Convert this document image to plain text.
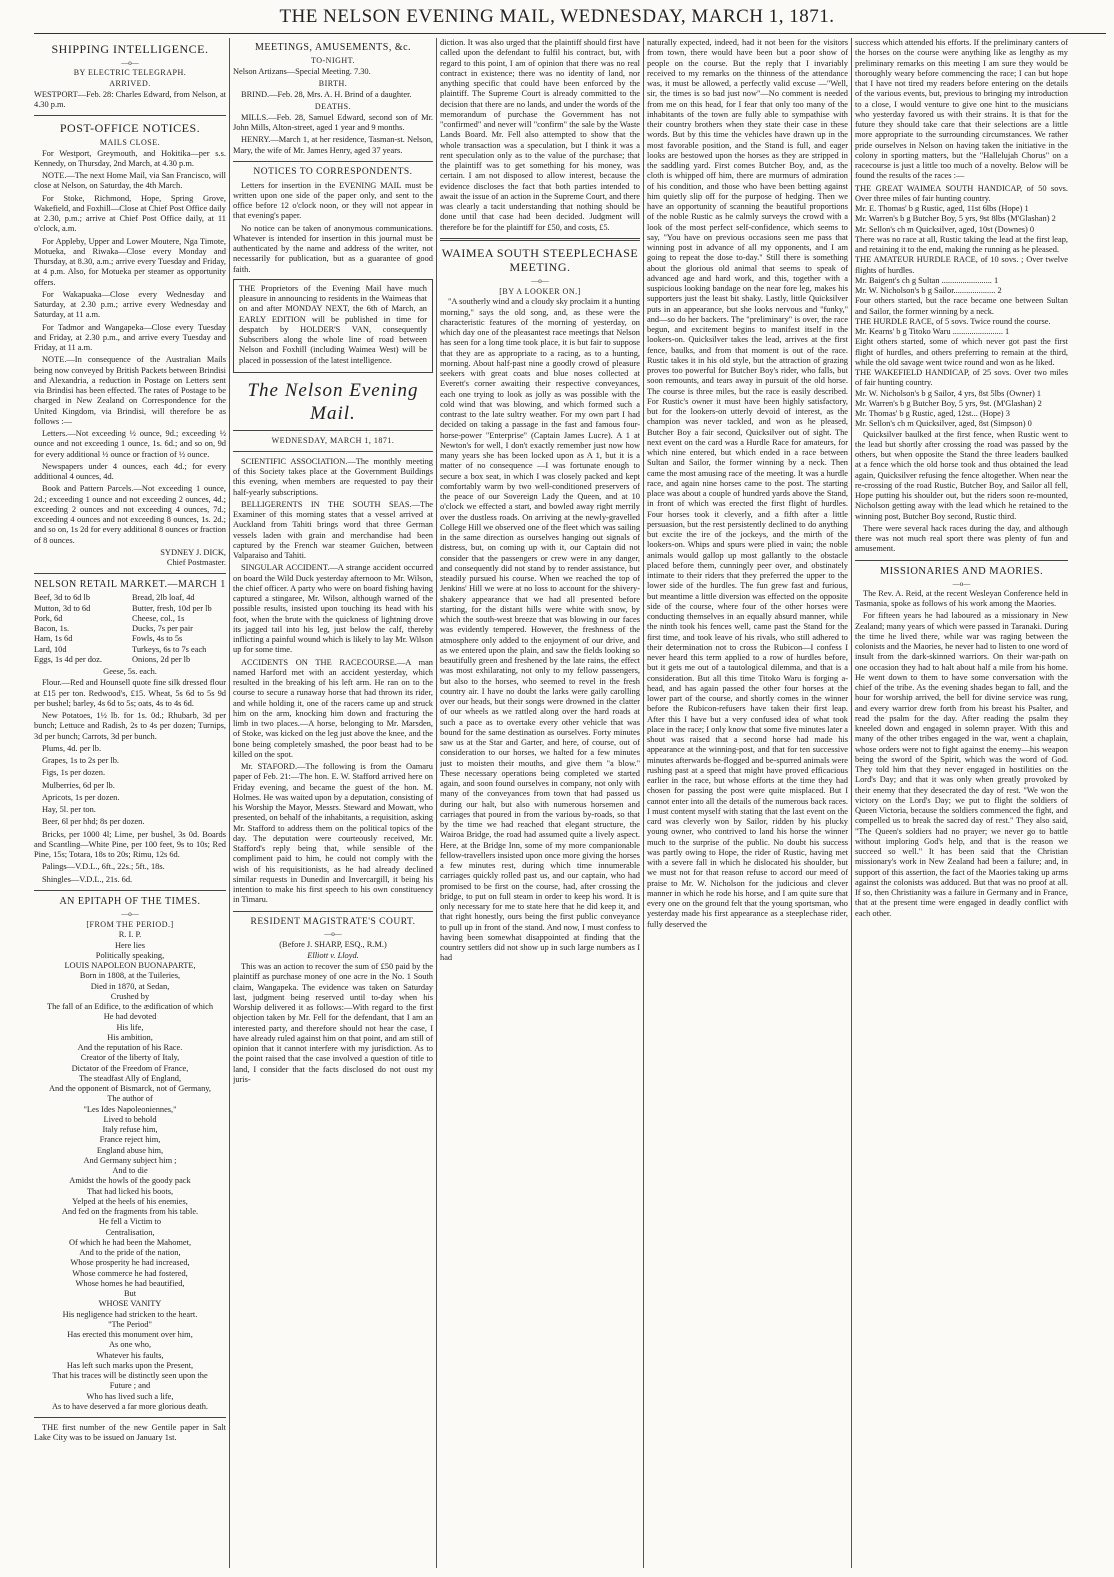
THE NELSON EVENING MAIL, WEDNESDAY, MARCH 1, 1871.
SHIPPING INTELLIGENCE.
—o—
BY ELECTRIC TELEGRAPH.
ARRIVED.

WESTPORT—Feb. 28: Charles Edward, from Nelson, at 4.30 p.m.

POST-OFFICE NOTICES.
MAILS CLOSE.

For Westport, Greymouth, and Hokitika—per s.s. Kennedy, on Thursday, 2nd March, at 4.30 p.m.

NOTE.—The next Home Mail, via San Francisco, will close at Nelson, on Saturday, the 4th March.

For Stoke, Richmond, Hope, Spring Grove, Wakefield, and Foxhill—Close at Chief Post Office daily at 2.30, p.m.; arrive at Chief Post Office daily, at 11 o'clock, a.m.

For Appleby, Upper and Lower Moutere, Nga Timote, Motueka, and Riwaka—Close every Monday and Thursday, at 8.30, a.m.; arrive every Tuesday and Friday, at 4 p.m. Also, for Motueka per steamer as opportunity offers.

For Wakapuaka—Close every Wednesday and Saturday, at 2.30 p.m.; arrive every Wednesday and Saturday, at 11 a.m.

For Tadmor and Wangapeka—Close every Tuesday and Friday, at 2.30 p.m., and arrive every Tuesday and Friday, at 11 a.m.

NOTE.—In consequence of the Australian Mails being now conveyed by British Packets between Brindisi and Alexandria, a reduction in Postage on Letters sent via Brindisi has been effected. The rates of Postage to be charged in New Zealand on Correspondence for the United Kingdom, via Brindisi, will therefore be as follows :—

Letters.—Not exceeding ½ ounce, 9d.; exceeding ½ ounce and not exceeding 1 ounce, 1s. 6d.; and so on, 9d for every additional ½ ounce or fraction of ½ ounce.

Newspapers under 4 ounces, each 4d.; for every additional 4 ounces, 4d.

Book and Pattern Parcels.—Not exceeding 1 ounce, 2d.; exceeding 1 ounce and not exceeding 2 ounces, 4d.; exceeding 2 ounces and not exceeding 4 ounces, 7d.; exceeding 4 ounces and not exceeding 8 ounces, 1s. 2d.; and so on, 1s 2d for every additional 8 ounces or fraction of 8 ounces.

SYDNEY J. DICK,

Chief Postmaster.

NELSON RETAIL MARKET.—MARCH 1
Beef, 3d to 6d lb
Mutton, 3d to 6d
Pork, 6d
Bacon, 1s.
Ham, 1s 6d
Lard, 10d
Eggs, 1s 4d per doz.
Bread, 2lb loaf, 4d
Butter, fresh, 10d per lb
Cheese, col., 1s
Ducks, 7s per pair
Fowls, 4s to 5s
Turkeys, 6s to 7s each
Onions, 2d per lb
Geese, 5s. each.

Flour.—Red and Hounsell quote fine silk dressed flour at £15 per ton. Redwood's, £15. Wheat, 5s 6d to 5s 9d per bushel; barley, 4s 6d to 5s; oats, 4s to 4s 6d.

New Potatoes, 1½ lb. for 1s. 0d.; Rhubarb, 3d per bunch; Lettuce and Radish, 2s to 4s per dozen; Turnips, 3d per bunch; Carrots, 3d per bunch.

Plums, 4d. per lb.

Grapes, 1s to 2s per lb.

Figs, 1s per dozen.

Mulberries, 6d per lb.

Apricots, 1s per dozen.

Hay, 5l. per ton.

Beer, 6l per hhd; 8s per dozen.

Bricks, per 1000 4l; Lime, per bushel, 3s 0d. Boards and Scantling—White Pine, per 100 feet, 9s to 10s; Red Pine, 15s; Totara, 18s to 20s; Rimu, 12s 6d.

Palings—V.D.L., 6ft., 22s.; 5ft., 18s.

Shingles—V.D.L., 21s. 6d.

AN EPITAPH OF THE TIMES.
—o—
[FROM THE PERIOD.]
R. I. P.
Here lies
Politically speaking,
LOUIS NAPOLEON BUONAPARTE,
Born in 1808, at the Tuileries,
Died in 1870, at Sedan,
Crushed by
The fall of an Edifice, to the ædification of which
He had devoted
His life,
His ambition,
And the reputation of his Race.
Creator of the liberty of Italy,
Dictator of the Freedom of France,
The steadfast Ally of England,
And the opponent of Bismarck, not of Germany,
The author of
"Les Ides Napoleoniennes,"
Lived to behold
Italy refuse him,
France reject him,
England abuse him,
And Germany subject him ;
And to die
Amidst the howls of the goody pack
That had licked his boots,
Yelped at the heels of his enemies,
And fed on the fragments from his table.
He fell a Victim to
Centralisation,
Of which he had been the Mahomet,
And to the pride of the nation,
Whose prosperity he had increased,
Whose commerce he had fostered,
Whose homes he had beautified,
But
WHOSE VANITY
His negligence had stricken to the heart.
"The Period"
Has erected this monument over him,
As one who,
Whatever his faults,
Has left such marks upon the Present,
That his traces will be distinctly seen upon the
Future ; and
Who has lived such a life,
As to have deserved a far more glorious death.

THE first number of the new Gentile paper in Salt Lake City was to be issued on January 1st.

MEETINGS, AMUSEMENTS, &c.
TO-NIGHT.

Nelson Artizans—Special Meeting. 7.30.

BIRTH.

BRIND.—Feb. 28, Mrs. A. H. Brind of a daughter.

DEATHS.

MILLS.—Feb. 28, Samuel Edward, second son of Mr. John Mills, Alton-street, aged 1 year and 9 months.

HENRY.—March 1, at her residence, Tasman-st. Nelson, Mary, the wife of Mr. James Henry, aged 37 years.

NOTICES TO CORRESPONDENTS.

Letters for insertion in the EVENING MAIL must be written upon one side of the paper only, and sent to the office before 12 o'clock noon, or they will not appear in that evening's paper.

No notice can be taken of anonymous communications. Whatever is intended for insertion in this journal must be authenticated by the name and address of the writer, not necessarily for publication, but as a guarantee of good faith.

THE Proprietors of the Evening Mail have much pleasure in announcing to residents in the Waimeas that on and after MONDAY NEXT, the 6th of March, an EARLY EDITION will be published in time for despatch by HOLDER'S VAN, consequently Subscribers along the whole line of road between Nelson and Foxhill (including Waimea West) will be placed in possession of the latest intelligence.

The Nelson Evening Mail.
WEDNESDAY, MARCH 1, 1871.

SCIENTIFIC ASSOCIATION.—The monthly meeting of this Society takes place at the Government Buildings this evening, when members are requested to pay their half-yearly subscriptions.

BELLIGERENTS IN THE SOUTH SEAS.—The Examiner of this morning states that a vessel arrived at Auckland from Tahiti brings word that three German vessels laden with grain and merchandise had been captured by the French war steamer Guichen, between Valparaiso and Tahiti.

SINGULAR ACCIDENT.—A strange accident occurred on board the Wild Duck yesterday afternoon to Mr. Wilson, the chief officer. A party who were on board fishing having captured a stingaree, Mr. Wilson, although warned of the possible results, insisted upon touching its head with his foot, when the brute with the quickness of lightning drove its jagged tail into his leg, just below the calf, thereby inflicting a painful wound which is likely to lay Mr. Wilson up for some time.

ACCIDENTS ON THE RACECOURSE.—A man named Harford met with an accident yesterday, which resulted in the breaking of his left arm. He ran on to the course to secure a runaway horse that had thrown its rider, and while holding it, one of the racers came up and struck him on the arm, knocking him down and fracturing the limb in two places.—A horse, belonging to Mr. Marsden, of Stoke, was kicked on the leg just above the knee, and the bone being completely smashed, the poor beast had to be killed on the spot.

Mr. STAFORD.—The following is from the Oamaru paper of Feb. 21:—The hon. E. W. Stafford arrived here on Friday evening, and became the guest of the hon. M. Holmes. He was waited upon by a deputation, consisting of his Worship the Mayor, Messrs. Steward and Mowatt, who presented, on behalf of the inhabitants, a requisition, asking Mr. Stafford to address them on the political topics of the day. The deputation were courteously received, Mr. Stafford's reply being that, while sensible of the compliment paid to him, he could not comply with the wish of his requisitionists, as he had already declined similar requests in Dunedin and Invercargill, it being his intention to make his first speech to his own constituency in Timaru.

RESIDENT MAGISTRATE'S COURT.
—o—
(Before J. SHARP, ESQ., R.M.)
Elliott v. Lloyd.

This was an action to recover the sum of £50 paid by the plaintiff as purchase money of one acre in the No. 1 South claim, Wangapeka. The evidence was taken on Saturday last, judgment being reserved until to-day when his Worship delivered it as follows:—With regard to the first objection taken by Mr. Fell for the defendant, that I am an interested party, and therefore should not hear the case, I have already ruled against him on that point, and am still of opinion that it cannot interfere with my jurisdiction. As to the point raised that the case involved a question of title to land, I consider that the facts disclosed do not oust my juris-

diction. It was also urged that the plaintiff should first have called upon the defendant to fulfil his contract, but, with regard to this point, I am of opinion that there was no real contract in existence; there was no identity of land, nor anything specific that could have been enforced by the plaintiff. The Supreme Court is already committed to the decision that there are no lands, and under the words of the memorandum of purchase the Government has not "confirmed" and never will "confirm" the sale by the Waste Lands Board. Mr. Fell also attempted to show that the whole transaction was a speculation, but I think it was a rent speculation only as to the value of the purchase; that the plaintiff was to get something for his money, was certain. I am not disposed to allow interest, because the evidence discloses the fact that both parties intended to await the issue of an action in the Supreme Court, and there was clearly a tacit understanding that nothing should be done until that case had been decided. Judgment will therefore be for the plaintiff for £50, and costs, £5.

WAIMEA SOUTH STEEPLECHASE MEETING.
—o—
[BY A LOOKER ON.]

"A southerly wind and a cloudy sky proclaim it a hunting morning," says the old song, and, as these were the characteristic features of the morning of yesterday, on which day one of the pleasantest race meetings that Nelson has seen for a long time took place, it is but fair to suppose that they are as appropriate to a racing, as to a hunting, morning. About half-past nine a goodly crowd of pleasure seekers with great coats and blue noses collected at Everett's corner awaiting their respective conveyances, each one trying to look as jolly as was possible with the cold wind that was blowing, and which formed such a contrast to the late sultry weather. For my own part I had decided on taking a passage in the fast and famous four-horse-power "Enterprise" (Captain James Lucre). A 1 at Newton's for well, I don't exactly remember just now how many years she has been locked upon as A 1, but it is a matter of no consequence —I was fortunate enough to secure a box seat, in which I was closely packed and kept comfortably warm by two well-conditioned preservers of the peace of our Sovereign Lady the Queen, and at 10 o'clock we effected a start, and bowled away right merrily over the dustless roads. On arriving at the newly-gravelled College Hill we observed one of the fleet which was sailing in the same direction as ourselves hanging out signals of distress, but, on coming up with it, our Captain did not consider that the passengers or crew were in any danger, and consequently did not stand by to render assistance, but steadily pursued his course. When we reached the top of Jenkins' Hill we were at no loss to account for the shivery-shakery appearance that we had all presented before starting, for the distant hills were white with snow, by which the south-west breeze that was blowing in our faces was evidently tempered. However, the freshness of the atmosphere only added to the enjoyment of our drive, and as we entered upon the plain, and saw the fields looking so beautifully green and freshened by the late rains, the effect was most exhilarating, not only to my fellow passengers, but also to the horses, who seemed to revel in the fresh country air. I have no doubt the larks were gaily carolling over our heads, but their songs were drowned in the clatter of our wheels as we rattled along over the hard roads at such a pace as to overtake every other vehicle that was bound for the same destination as ourselves. Forty minutes saw us at the Star and Garter, and here, of course, out of consideration to our horses, we halted for a few minutes just to moisten their mouths, and give them "a blow." These necessary operations being completed we started again, and soon found ourselves in company, not only with many of the conveyances from town that had passed us during our halt, but also with numerous horsemen and carriages that poured in from the various by-roads, so that by the time we had reached that elegant structure, the Wairoa Bridge, the road had assumed quite a lively aspect. Here, at the Bridge Inn, some of my more companionable fellow-travellers insisted upon once more giving the horses a few minutes rest, during which time innumerable carriages quickly rolled past us, and our captain, who had promised to be first on the course, had, after crossing the bridge, to put on full steam in order to keep his word. It is only necessary for me to state here that he did keep it, and that right honestly, ours being the first public conveyance to pull up in front of the stand. And now, I must confess to having been somewhat disappointed at finding that the country settlers did not show up in such large numbers as I had

naturally expected, indeed, had it not been for the visitors from town, there would have been but a poor show of people on the course. But the reply that I invariably received to my remarks on the thinness of the attendance was, it must be allowed, a perfectly valid excuse —"Well, sir, the times is so bad just now"—No comment is needed from me on this head, for I fear that only too many of the inhabitants of the town are fully able to sympathise with their country brothers when they state their case in these words. But by this time the vehicles have drawn up in the most favorable position, and the Stand is full, and eager looks are bestowed upon the horses as they are stripped in the saddling yard. First comes Butcher Boy, and, as the cloth is whipped off him, there are murmurs of admiration of his condition, and those who have been betting against him quietly slip off for the purpose of hedging. Then we have an opportunity of scanning the beautiful proportions of the noble Rustic as he calmly surveys the crowd with a look of the most perfect self-confidence, which seems to say, "You have on previous occasions seen me pass that winning post in advance of all my opponents, and I am going to repeat the dose to-day." Still there is something about the glorious old animal that seems to speak of advanced age and hard work, and this, together with a suspicious looking bandage on the near fore leg, makes his supporters just the least bit shaky. Lastly, little Quicksilver puts in an appearance, but she looks nervous and "funky," and—so do her backers. The "preliminary" is over, the race begun, and excitement begins to manifest itself in the lookers-on. Quicksilver takes the lead, arrives at the first fence, baulks, and from that moment is out of the race. Rustic takes it in his old style, but the attraction of grazing proves too powerful for Butcher Boy's rider, who falls, but soon remounts, and tears away in pursuit of the old horse. The course is three miles, but the race is easily described. For Rustic's owner it must have been highly satisfactory, but for the lookers-on utterly devoid of interest, as the champion was never tackled, and won as he pleased, Butcher Boy a fair second, Quicksilver out of sight. The next event on the card was a Hurdle Race for amateurs, for which nine entered, but which ended in a race between Sultan and Sailor, the former winning by a neck. Then came the most amusing race of the meeting. It was a hurdle race, and again nine horses came to the post. The starting place was about a couple of hundred yards above the Stand, in front of which was erected the first flight of hurdles. Four horses took it cleverly, and a fifth after a little persuasion, but the rest persistently declined to do anything but excite the ire of the jockeys, and the mirth of the lookers-on. Whips and spurs were plied in vain; the noble animals would gallop up most gallantly to the obstacle placed before them, cunningly peer over, and obstinately intimate to their riders that they preferred the upper to the lower side of the hurdles. The fun grew fast and furious, but meantime a little diversion was effected on the opposite side of the course, where four of the other horses were conducting themselves in an equally absurd manner, while the ninth took his fences well, came past the Stand for the first time, and took leave of his rivals, who still adhered to their determination not to cross the Rubicon—I confess I never heard this term applied to a row of hurdles before, but it gets me out of a tautological dilemma, and that is a consideration. But all this time Titoko Waru is forging a-head, and has again passed the other four horses at the lower part of the course, and shortly comes in the winner before the Rubicon-refusers have taken their first leap. After this I have but a very confused idea of what took place in the race; I only know that some five minutes later a shout was raised that a second horse had made his appearance at the winning-post, and that for ten successive minutes afterwards be-flogged and be-spurred animals were rushing past at a speed that might have proved efficacious earlier in the race, but whose efforts at the time they had chosen for passing the post were quite misplaced. But I cannot enter into all the details of the numerous back races. I must content myself with stating that the last event on the card was cleverly won by Sailor, ridden by his plucky young owner, who contrived to land his horse the winner much to the surprise of the public. No doubt his success was partly owing to Hope, the rider of Rustic, having met with a severe fall in which he dislocated his shoulder, but we must not for that reason refuse to accord our meed of praise to Mr. W. Nicholson for the judicious and clever manner in which he rode his horse, and I am quite sure that every one on the ground felt that the young sportsman, who yesterday made his first appearance as a steeplechase rider, fully deserved the

success which attended his efforts. If the preliminary canters of the horses on the course were anything like as lengthy as my preliminary remarks on this meeting I am sure they would be thoroughly weary before commencing the race; I can but hope that I have not tired my readers before entering on the details of the various events, but, previous to bringing my introduction to a close, I would venture to give one hint to the musicians who yesterday favored us with their strains. It is that for the future they should take care that their selections are a little more appropriate to the surrounding circumstances. We rather pride ourselves in Nelson on having taken the initiative in the colony in sporting matters, but the "Hallelujah Chorus" on a racecourse is just a little too much of a novelty. Below will be found the results of the races :—

THE GREAT WAIMEA SOUTH HANDICAP, of 50 sovs. Over three miles of fair hunting country.

Mr. E. Thomas' b g Rustic, aged, 11st 6lbs (Hope) 1

Mr. Warren's b g Butcher Boy, 5 yrs, 9st 8lbs (M'Glashan) 2

Mr. Sellon's ch m Quicksilver, aged, 10st (Downes) 0

There was no race at all, Rustic taking the lead at the first leap, and retaining it to the end, making the running as he pleased.

THE AMATEUR HURDLE RACE, of 10 sovs. ; Over twelve flights of hurdles.

Mr. Baigent's ch g Sultan ........................ 1

Mr. W. Nicholson's b g Sailor.................... 2

Four others started, but the race became one between Sultan and Sailor, the former winning by a neck.

THE HURDLE RACE, of 5 sovs. Twice round the course.

Mr. Kearns' b g Titoko Waru ........................ 1

Eight others started, some of which never got past the first flight of hurdles, and others preferring to remain at the third, while the old savage went twice round and won as he liked.

THE WAKEFIELD HANDICAP, of 25 sovs. Over two miles of fair hunting country.

Mr. W. Nicholson's b g Sailor, 4 yrs, 8st 5lbs (Owner) 1

Mr. Warren's b g Butcher Boy, 5 yrs, 9st. (M'Glashan) 2

Mr. Thomas' b g Rustic, aged, 12st... (Hope) 3

Mr. Sellon's ch m Quicksilver, aged, 8st (Simpson) 0

Quicksilver baulked at the first fence, when Rustic went to the lead but shortly after crossing the road was passed by the others, but when opposite the Stand the three leaders baulked at a fence which the old horse took and thus obtained the lead again, Quicksilver refusing the fence altogether. When near the re-crossing of the road Rustic, Butcher Boy, and Sailor all fell, Hope putting his shoulder out, but the riders soon re-mounted, Nicholson getting away with the lead which he retained to the winning post, Butcher Boy second, Rustic third.

There were several hack races during the day, and although there was not much real sport there was plenty of fun and amusement.

MISSIONARIES AND MAORIES.
—o—

The Rev. A. Reid, at the recent Wesleyan Conference held in Tasmania, spoke as follows of his work among the Maories.

For fifteen years he had laboured as a missionary in New Zealand; many years of which were passed in Taranaki. During the time he lived there, while war was raging between the colonists and the Maories, he never had to listen to one word of insult from the dark-skinned warriors. On their war-path on one occasion they had to halt about half a mile from his home. He went down to them to have some conversation with the chief of the tribe. As the evening shades began to fall, and the hour for worship arrived, the bell for divine service was rung, and every warrior drew forth from his breast his Psalter, and read the psalm for the day. After reading the psalm they kneeled down and engaged in solemn prayer. With this and many of the other tribes engaged in the war, went a chaplain, whose orders were not to fight against the enemy—his weapon being the sword of the Spirit, which was the word of God. They told him that they never engaged in hostilities on the Lord's Day; and that it was only when greatly provoked by their enemy that they desecrated the day of rest. "We won the victory on the Lord's Day; we put to flight the soldiers of Queen Victoria, because the soldiers commenced the fight, and compelled us to break the sacred day of rest." They also said, "The Queen's soldiers had no prayer; we never go to battle without imploring God's help, and that is the reason we succeed so well." It has been said that the Christian missionary's work in New Zealand had been a failure; and, in support of this assertion, the fact of the Maories taking up arms against the colonists was adduced. But that was no proof at all. If so, then Christianity was a failure in Germany and in France, that at the present time were engaged in deadly conflict with each other.
